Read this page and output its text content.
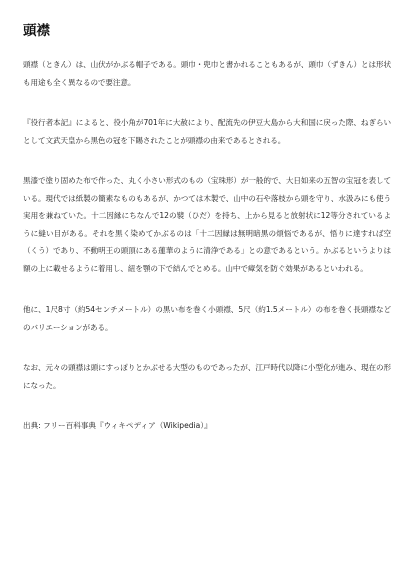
頭襟

頭襟（ときん）は、山伏がかぶる帽子である。頭巾・兜巾と書かれることもあるが、頭巾（ずきん）とは形状も用途も全く異なるので要注意。

『役行者本記』によると、役小角が701年に大赦により、配流先の伊豆大島から大和国に戻った際、ねぎらいとして文武天皇から黒色の冠を下賜されたことが頭襟の由来であるとされる。

黒漆で塗り固めた布で作った、丸く小さい形式のもの（宝珠形）が一般的で、大日如来の五智の宝冠を表している。現代では紙製の簡素なものもあるが、かつては木製で、山中の石や落枝から頭を守り、水汲みにも使う実用を兼ねていた。十二因縁にちなんで12の襞（ひだ）を持ち、上から見ると放射状に12等分されているように縫い目がある。それを黒く染めてかぶるのは「十二因縁は無明暗黒の煩悩であるが、悟りに達すれば空（くう）であり、不動明王の頭頂にある蓮華のように清浄である」との意であるという。かぶるというよりは額の上に載せるように着用し、紐を顎の下で結んでとめる。山中で瘴気を防ぐ効果があるといわれる。

他に、1尺8寸（約54センチメートル）の黒い布を巻く小頭襟、5尺（約1.5メートル）の布を巻く長頭襟などのバリエーションがある。

なお、元々の頭襟は頭にすっぽりとかぶせる大型のものであったが、江戸時代以降に小型化が進み、現在の形になった。

出典: フリー百科事典『ウィキペディア（Wikipedia）』
